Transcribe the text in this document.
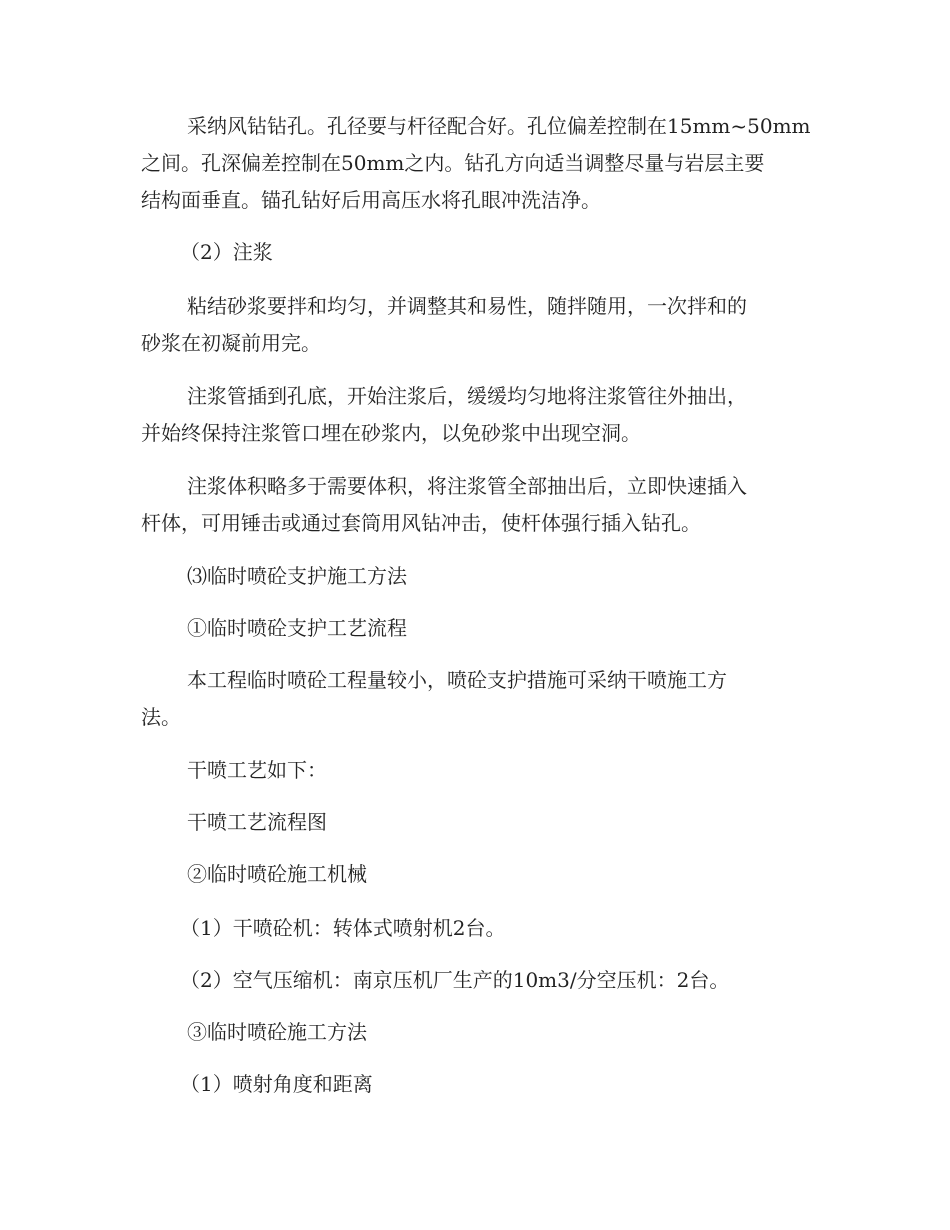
采纳风钻钻孔。孔径要与杆径配合好。孔位偏差控制在15mm~50mm
之间。孔深偏差控制在50mm之内。钻孔方向适当调整尽量与岩层主要
结构面垂直。锚孔钻好后用高压水将孔眼冲洗洁净。
（2）注浆
粘结砂浆要拌和均匀，并调整其和易性，随拌随用，一次拌和的
砂浆在初凝前用完。
注浆管插到孔底，开始注浆后，缓缓均匀地将注浆管往外抽出，
并始终保持注浆管口埋在砂浆内，以免砂浆中出现空洞。
注浆体积略多于需要体积，将注浆管全部抽出后，立即快速插入
杆体，可用锤击或通过套筒用风钻冲击，使杆体强行插入钻孔。
⑶临时喷砼支护施工方法
①临时喷砼支护工艺流程
本工程临时喷砼工程量较小，喷砼支护措施可采纳干喷施工方
法。
干喷工艺如下：
干喷工艺流程图
②临时喷砼施工机械
（1）干喷砼机：转体式喷射机2台。
（2）空气压缩机：南京压机厂生产的10m3/分空压机：2台。
③临时喷砼施工方法
（1）喷射角度和距离
